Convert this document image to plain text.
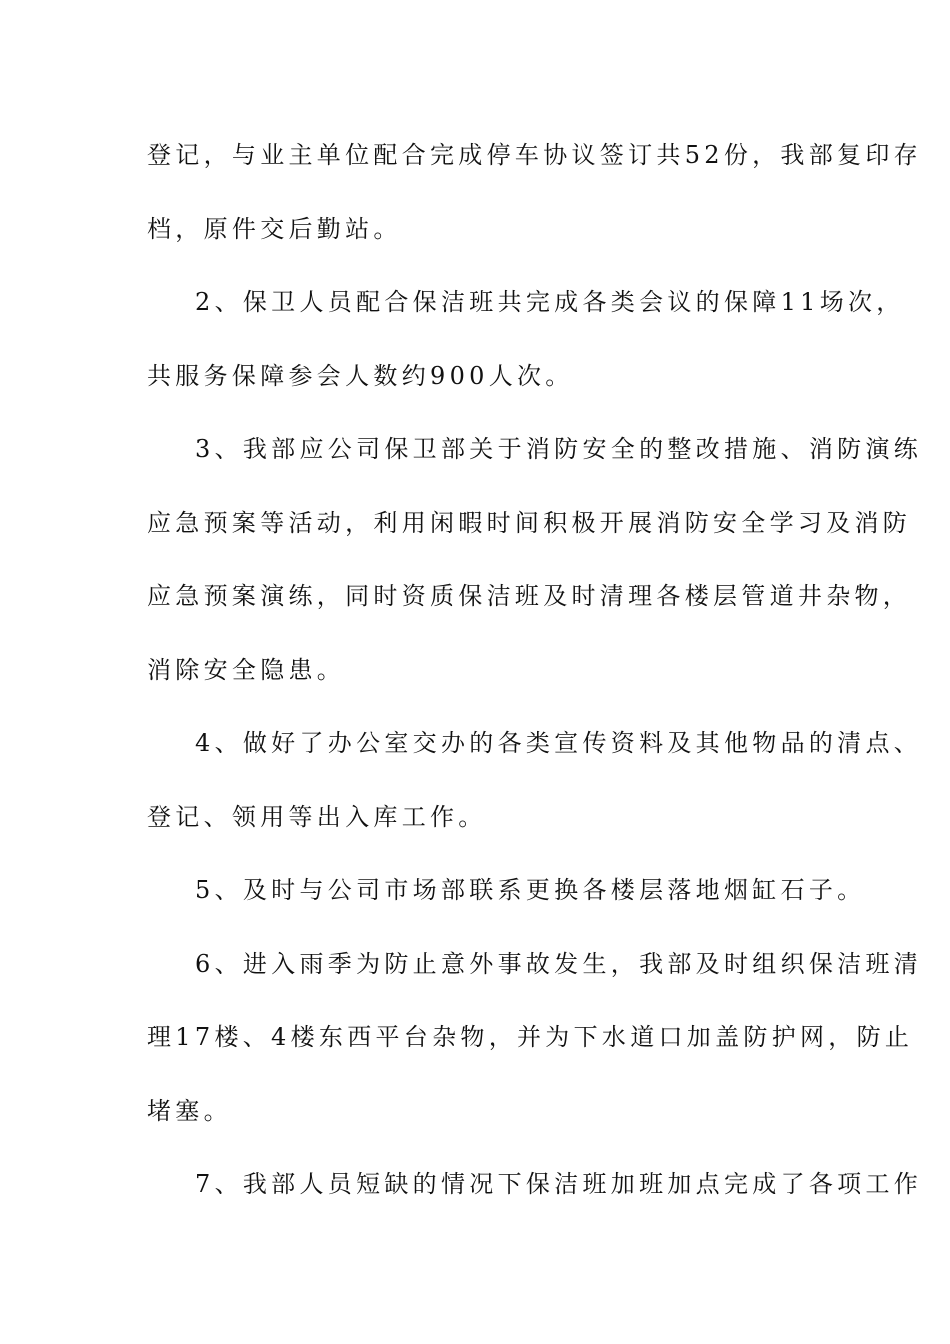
登记，与业主单位配合完成停车协议签订共52份，我部复印存
档，原件交后勤站。
2、保卫人员配合保洁班共完成各类会议的保障11场次，
共服务保障参会人数约900人次。
3、我部应公司保卫部关于消防安全的整改措施、消防演练
应急预案等活动，利用闲暇时间积极开展消防安全学习及消防
应急预案演练，同时资质保洁班及时清理各楼层管道井杂物，
消除安全隐患。
4、做好了办公室交办的各类宣传资料及其他物品的清点、
登记、领用等出入库工作。
5、及时与公司市场部联系更换各楼层落地烟缸石子。
6、进入雨季为防止意外事故发生，我部及时组织保洁班清
理17楼、4楼东西平台杂物，并为下水道口加盖防护网，防止
堵塞。
7、我部人员短缺的情况下保洁班加班加点完成了各项工作
